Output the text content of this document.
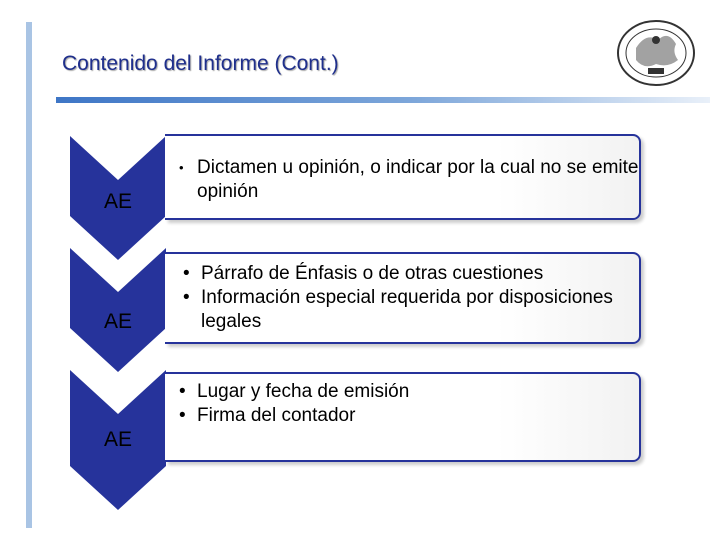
Contenido del Informe (Cont.)
AE
• Dictamen u opinión, o indicar por la cual no se emite opinión
AE
• Párrafo de Énfasis o de otras cuestiones
• Información especial requerida por disposiciones legales
AE
• Lugar y fecha de emisión
• Firma del contador
